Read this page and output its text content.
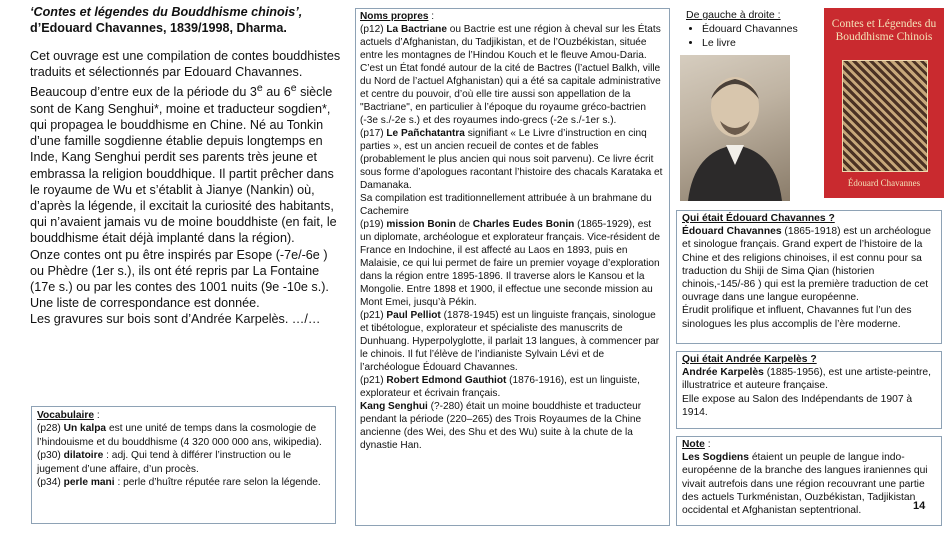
‘Contes et légendes du Bouddhisme chinois’,

d’Edouard Chavannes, 1839/1998, Dharma.

Cet ouvrage est une compilation de contes bouddhistes traduits et sélectionnés par Edouard Chavannes.

Beaucoup d’entre eux de la période du 3e au 6e siècle sont de Kang Senghui*, moine et traducteur sogdien*, qui propagea le bouddhisme en Chine. Né au Tonkin d’une famille sogdienne établie depuis longtemps en Inde, Kang Senghui perdit ses parents très jeune et embrassa la religion bouddhique. Il partit prêcher dans le royaume de Wu et s’établit à Jianye (Nankin) où, d’après la légende, il excitait la curiosité des habitants, qui n’avaient jamais vu de moine bouddhiste (en fait, le bouddhisme était déjà implanté dans la région).

Onze contes ont pu être inspirés par Esope (-7e/-6e ) ou Phèdre (1er s.), ils ont été repris par La Fontaine (17e s.) ou par les contes des 1001 nuits (9e -10e s.).

Une liste de correspondance est donnée.

Les gravures sur bois sont d’Andrée Karpelès. …/…

Vocabulaire :
(p28) Un kalpa est une unité de temps dans la cosmologie de l’hindouisme et du bouddhisme (4 320 000 000 ans, wikipedia).
(p30) dilatoire : adj. Qui tend à différer l’instruction ou le jugement d’une affaire, d’un procès.
(p34) perle mani : perle d’huître réputée rare selon la légende.
Noms propres :
(p12) La Bactriane ou Bactrie est une région à cheval sur les États actuels d’Afghanistan, du Tadjikistan, et de l’Ouzbékistan, située entre les montagnes de l’Hindou Kouch et le fleuve Amou-Daria. C’est un État fondé autour de la cité de Bactres (l’actuel Balkh, ville du Nord de l’actuel Afghanistan) qui a été sa capitale administrative et centre du pouvoir, d’où elle tire aussi son appellation de la "Bactriane", en particulier à l’époque du royaume gréco-bactrien (-3e s./-2e s.) et des royaumes indo-grecs (-2e s./-1er s.).
(p17) Le Pañchatantra signifiant « Le Livre d’instruction en cinq parties », est un ancien recueil de contes et de fables (probablement le plus ancien qui nous soit parvenu). Ce livre écrit sous forme d’apologues racontant l’histoire des chacals Karataka et Damanaka.
Sa compilation est traditionnellement attribuée à un brahmane du Cachemire
(p19) mission Bonin de Charles Eudes Bonin (1865-1929), est un diplomate, archéologue et explorateur français. Vice-résident de France en Indochine, il est affecté au Laos en 1893, puis en Malaisie, ce qui lui permet de faire un premier voyage d’exploration dans la région entre 1895-1896. Il traverse alors le Kansou et la Mongolie. Entre 1898 et 1900, il effectue une seconde mission au Mont Emei, jusqu’à Pékin.
(p21) Paul Pelliot (1878-1945) est un linguiste français, sinologue et tibétologue, explorateur et spécialiste des manuscrits de Dunhuang. Hyperpolyglotte, il parlait 13 langues, à commencer par le chinois. Il fut l’élève de l’indianiste Sylvain Lévi et de l’archéologue Édouard Chavannes.
(p21) Robert Edmond Gauthiot (1876-1916), est un linguiste, explorateur et écrivain français.
Kang Senghui (?-280) était un moine bouddhiste et traducteur pendant la période (220–265) des Trois Royaumes de la Chine ancienne (des Wei, des Shu et des Wu) suite à la chute de la dynastie Han.
De gauche à droite :
• Édouard Chavannes
• Le livre
Contes et Légendes du Bouddhisme Chinois
Édouard Chavannes
Qui était Édouard Chavannes ?
Édouard Chavannes (1865-1918) est un archéologue et sinologue français. Grand expert de l’histoire de la Chine et des religions chinoises, il est connu pour sa traduction du Shiji de Sima Qian (historien chinois,-145/-86 ) qui est la première traduction de cet ouvrage dans une langue européenne.
Érudit prolifique et influent, Chavannes fut l’un des sinologues les plus accomplis de l’ère moderne.
Qui était Andrée Karpelès ?
Andrée Karpelès (1885-1956), est une artiste-peintre, illustratrice et auteure française.
Elle expose au Salon des Indépendants de 1907 à 1914.
Note :
Les Sogdiens étaient un peuple de langue indo-européenne de la branche des langues iraniennes qui vivait autrefois dans une région recouvrant une partie des actuels Turkménistan, Ouzbékistan, Tadjikistan occidental et Afghanistan septentrional.	14
